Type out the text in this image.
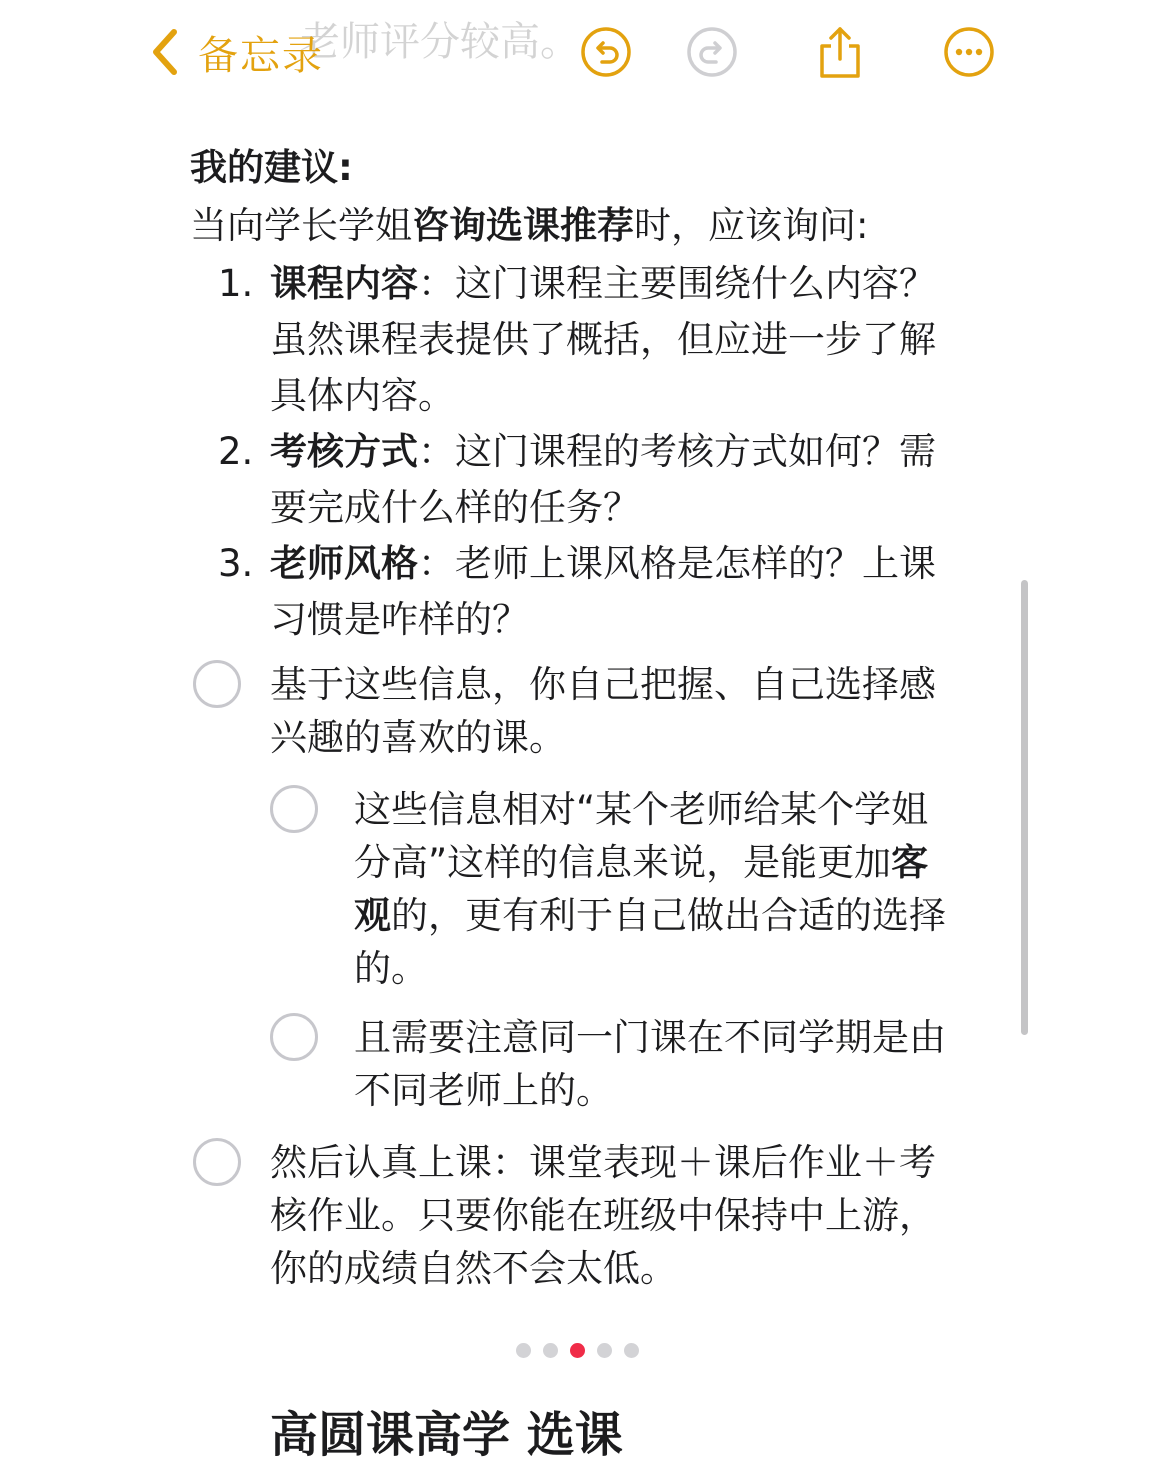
老师评分较高。
备忘录
我的建议:
当向学长学姐咨询选课推荐时，应该询问:
1. 课程内容：这门课程主要围绕什么内容？虽然课程表提供了概括，但应进一步了解具体内容。
2. 考核方式：这门课程的考核方式如何？需要完成什么样的任务？
3. 老师风格：老师上课风格是怎样的？上课习惯是咋样的？
基于这些信息，你自己把握、自己选择感兴趣的喜欢的课。
这些信息相对“某个老师给某个学姐分高”这样的信息来说，是能更加客观的，更有利于自己做出合适的选择的。
且需要注意同一门课在不同学期是由不同老师上的。
然后认真上课：课堂表现＋课后作业＋考核作业。只要你能在班级中保持中上游，你的成绩自然不会太低。
高圆课高学 选课
